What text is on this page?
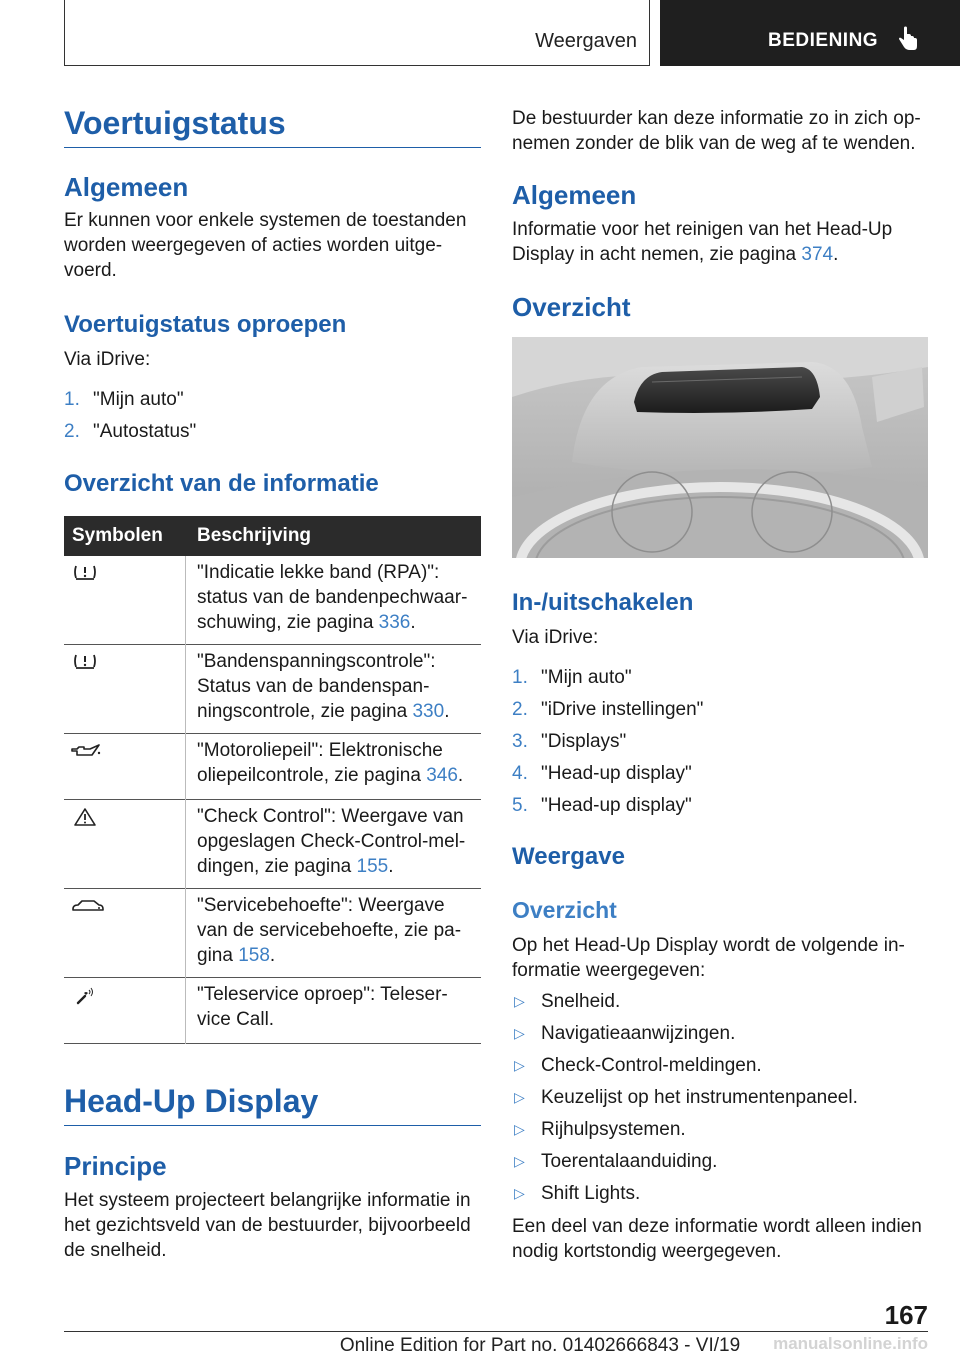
Weergaven	BEDIENING
Voertuigstatus
Algemeen
Er kunnen voor enkele systemen de toestanden
worden weergegeven of acties worden uitge-
voerd.
Voertuigstatus oproepen
Via iDrive:
1. "Mijn auto"
2. "Autostatus"
Overzicht van de informatie
Symbolen Beschrijving
"Indicatie lekke band (RPA)":
status van de bandenpechwaar-
schuwing, zie pagina 336.
"Bandenspanningscontrole":
Status van de bandenspan-
ningscontrole, zie pagina 330.
"Motoroliepeil": Elektronische
oliepeilcontrole, zie pagina 346.
"Check Control": Weergave van
opgeslagen Check-Control-mel-
dingen, zie pagina 155.
"Servicebehoefte": Weergave
van de servicebehoefte, zie pa-
gina 158.
"Teleservice oproep": Teleser-
vice Call.
Head-Up Display
Principe
Het systeem projecteert belangrijke informatie in
het gezichtsveld van de bestuurder, bijvoorbeeld
de snelheid.
De bestuurder kan deze informatie zo in zich op-
nemen zonder de blik van de weg af te wenden.
Algemeen
Informatie voor het reinigen van het Head-Up
Display in acht nemen, zie pagina 374.
Overzicht
In-/uitschakelen
Via iDrive:
1. "Mijn auto"
2. "iDrive instellingen"
3. "Displays"
4. "Head-up display"
5. "Head-up display"
Weergave
Overzicht
Op het Head-Up Display wordt de volgende in-
formatie weergegeven:
▷ Snelheid.
▷ Navigatieaanwijzingen.
▷ Check-Control-meldingen.
▷ Keuzelijst op het instrumentenpaneel.
▷ Rijhulpsystemen.
▷ Toerentalaanduiding.
▷ Shift Lights.
Een deel van deze informatie wordt alleen indien
nodig kortstondig weergegeven.
167
Online Edition for Part no. 01402666843 - VI/19	manualsonline.info
